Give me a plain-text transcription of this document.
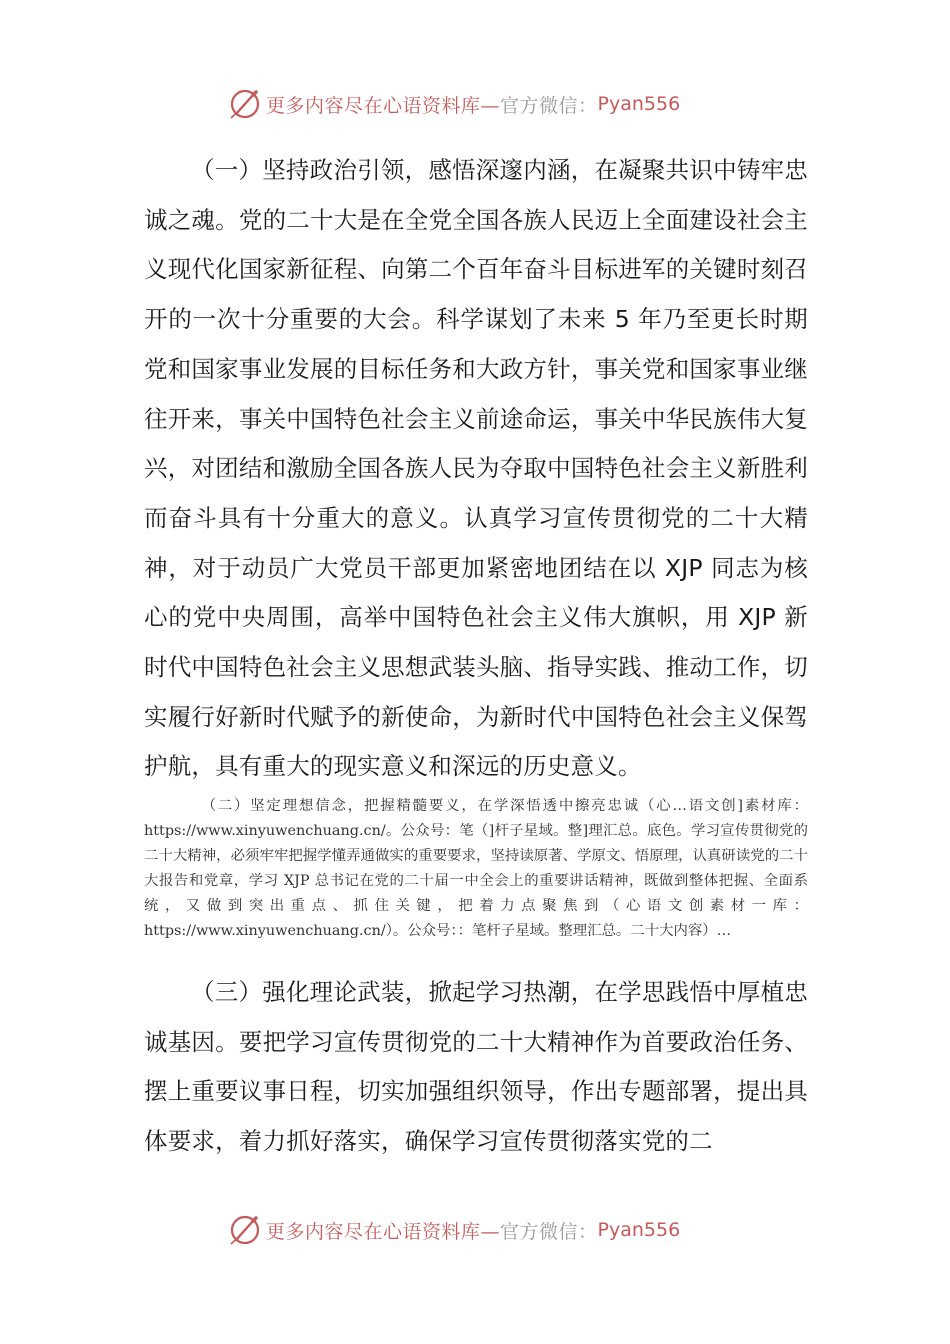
更多内容尽在心语资料库— 官方微信： Pyan556

（一）坚持政治引领，感悟深邃内涵，在凝聚共识中铸牢忠诚之魂。党的二十大是在全党全国各族人民迈上全面建设社会主义现代化国家新征程、向第二个百年奋斗目标进军的关键时刻召开的一次十分重要的大会。科学谋划了未来 5 年乃至更长时期党和国家事业发展的目标任务和大政方针，事关党和国家事业继往开来，事关中国特色社会主义前途命运，事关中华民族伟大复兴，对团结和激励全国各族人民为夺取中国特色社会主义新胜利而奋斗具有十分重大的意义。认真学习宣传贯彻党的二十大精神，对于动员广大党员干部更加紧密地团结在以 XJP 同志为核心的党中央周围，高举中国特色社会主义伟大旗帜，用 XJP 新时代中国特色社会主义思想武装头脑、指导实践、推动工作，切实履行好新时代赋予的新使命，为新时代中国特色社会主义保驾护航，具有重大的现实意义和深远的历史意义。

（二）坚定理想信念，把握精髓要义，在学深悟透中擦亮忠诚（心…语文创]素材库：https://www.xinyuwenchuang.cn/。公众号：笔（]杆子星域。整]理汇总。底色。学习宣传贯彻党的二十大精神，必须牢牢把握学懂弄通做实的重要要求，坚持读原著、学原文、悟原理，认真研读党的二十大报告和党章，学习 XJP 总书记在党的二十届一中全会上的重要讲话精神，既做到整体把握、全面系统，又做到突出重点、抓住关键，把着力点聚焦到（心语文创素材一库：https://www.xinyuwenchuang.cn/）。公众号：：笔杆子星域。整理汇总。二十大内容）…

（三）强化理论武装，掀起学习热潮，在学思践悟中厚植忠诚基因。要把学习宣传贯彻党的二十大精神作为首要政治任务、摆上重要议事日程，切实加强组织领导，作出专题部署，提出具体要求，着力抓好落实，确保学习宣传贯彻落实党的二

更多内容尽在心语资料库— 官方微信： Pyan556
